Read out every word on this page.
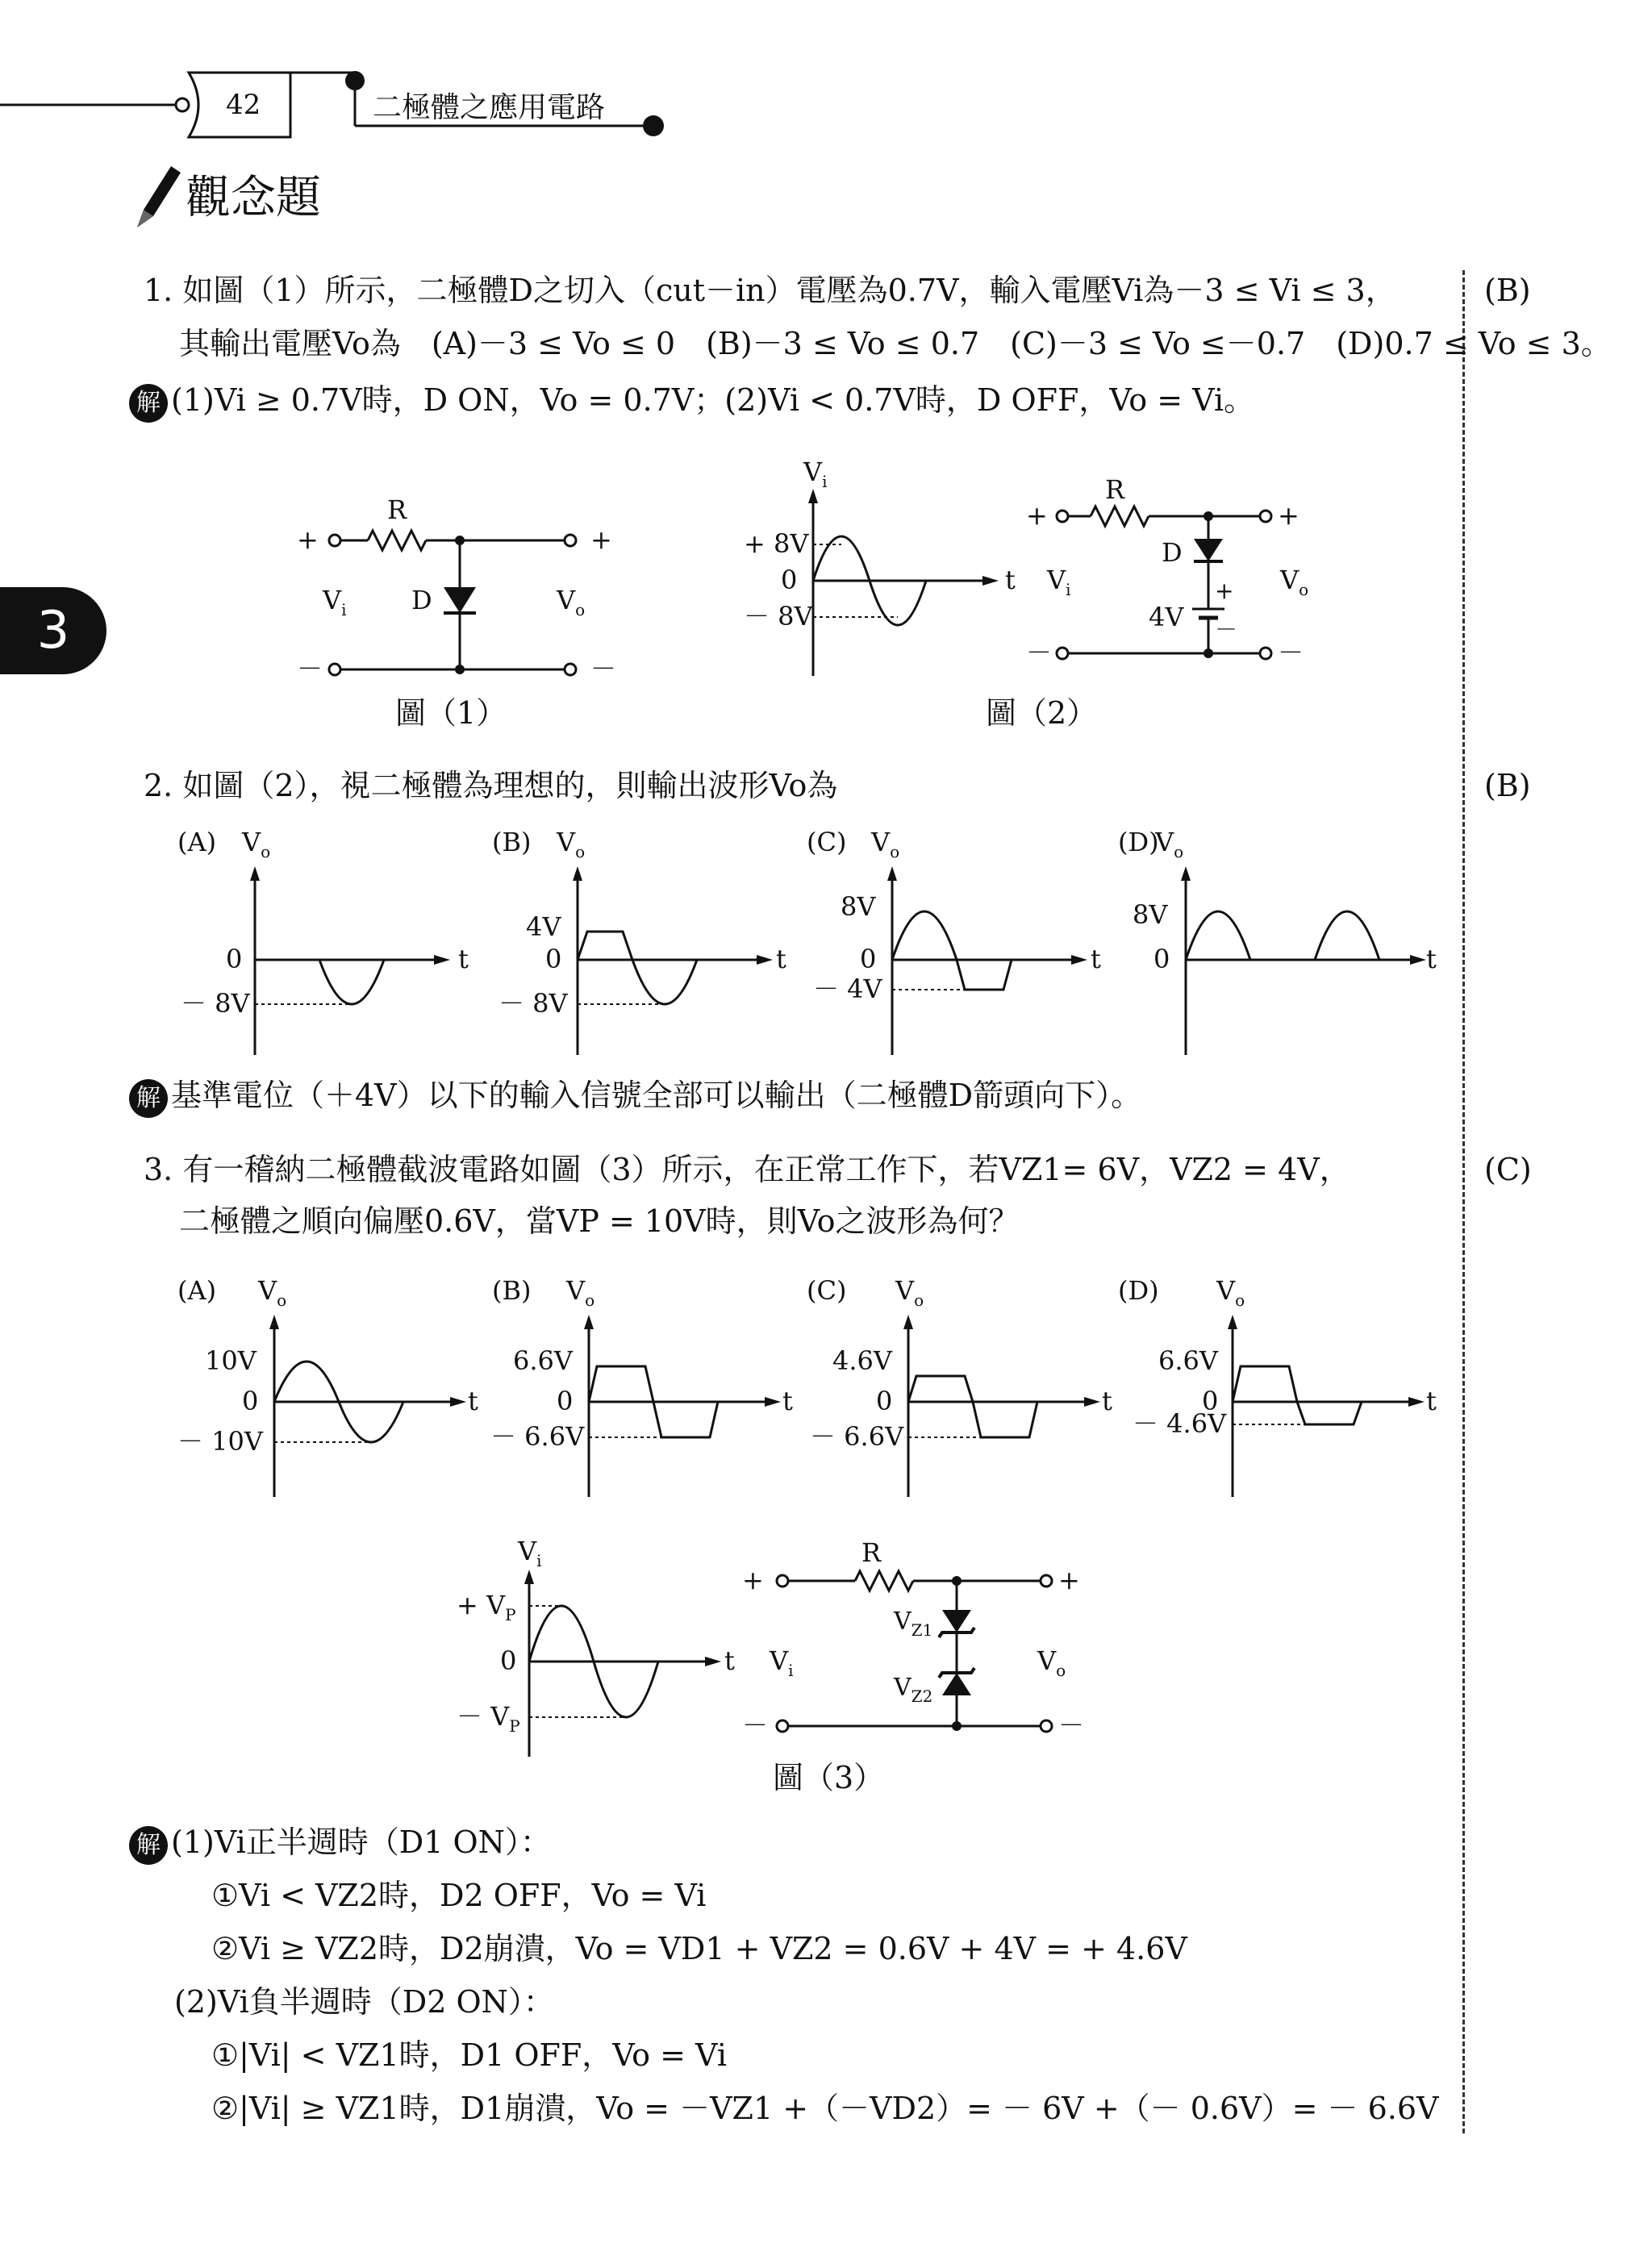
42	二極體之應用電路
3
觀念題
1. 如圖（1）所示，二極體D之切入（cut－in）電壓為0.7V，輸入電壓Vi為－3 ≤ Vi ≤ 3，
其輸出電壓Vo為　(A)－3 ≤ Vo ≤ 0　(B)－3 ≤ Vo ≤ 0.7　(C)－3 ≤ Vo ≤－0.7　(D)0.7 ≤ Vo ≤ 3。
(B)
解 (1)Vi ≥ 0.7V時，D ON，Vo = 0.7V；(2)Vi < 0.7V時，D OFF，Vo = Vi。
+	+
R
D
$V_i$	$V_o$
－	－
圖（1）
$V_i$
t
+ 8V
0
－ 8V
+	+
R
D
+
－
4V
$V_i$	$V_o$
－	－
圖（2）
2. 如圖（2），視二極體為理想的，則輸出波形Vo為	(B)
(A) $V_o$
t
0
－ 8V
(B) $V_o$
t
4V
0
－ 8V
(C) $V_o$
t
8V
0
－ 4V
(D)
$V_o$
t
8V
0
解 基準電位（＋4V）以下的輸入信號全部可以輸出（二極體D箭頭向下）。
3. 有一稽納二極體截波電路如圖（3）所示，在正常工作下，若VZ1= 6V，VZ2 = 4V，
二極體之順向偏壓0.6V，當VP = 10V時，則Vo之波形為何？
(C)
(A) $V_o$
t
10V
0
－ 10V
(B) $V_o$
t
6.6V
0
－ 6.6V
(C) $V_o$
t
4.6V
0
－ 6.6V
(D) $V_o$
t
6.6V
0
－ 4.6V
$V_i$
t
+ $V_P$
0
－ $V_P$
+	+
R
$V_{Z1}$
$V_{Z2}$
$V_i$	$V_o$
－	－
圖（3）
解 (1)Vi正半週時（D1 ON）：
①Vi < VZ2時，D2 OFF，Vo = Vi
②Vi ≥ VZ2時，D2崩潰，Vo = VD1 + VZ2 = 0.6V + 4V = + 4.6V
(2)Vi負半週時（D2 ON）：
①|Vi| < VZ1時，D1 OFF，Vo = Vi
②|Vi| ≥ VZ1時，D1崩潰，Vo = －VZ1 +（－VD2）= － 6V +（－ 0.6V）= － 6.6V
